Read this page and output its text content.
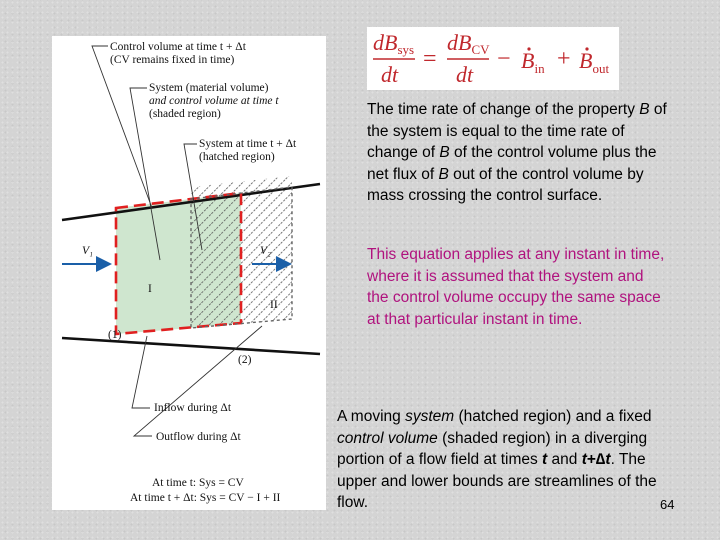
Control volume at time t + Δt
(CV remains fixed in time)
System (material volume)
and control volume at time t
(shaded region)
System at time t + Δt
(hatched region)
V₁	V₂
I
II
(1)
(2)
Inflow during Δt
Outflow during Δt
At time t: Sys = CV
At time t + Δt: Sys = CV − I + II
dBsys
dt
=
dBCV
dt
− $B_{in} + B_{out}$

The time rate of change of the property B of the system is equal to the time rate of change of B of the control volume plus the net flux of B out of the control volume by mass crossing the control surface.

This equation applies at any instant in time, where it is assumed that the system and the control volume occupy the same space at that particular instant in time.

A moving system (hatched region) and a fixed control volume (shaded region) in a diverging portion of a flow field at times t and t+∆t. The upper and lower bounds are streamlines of the flow.	64
